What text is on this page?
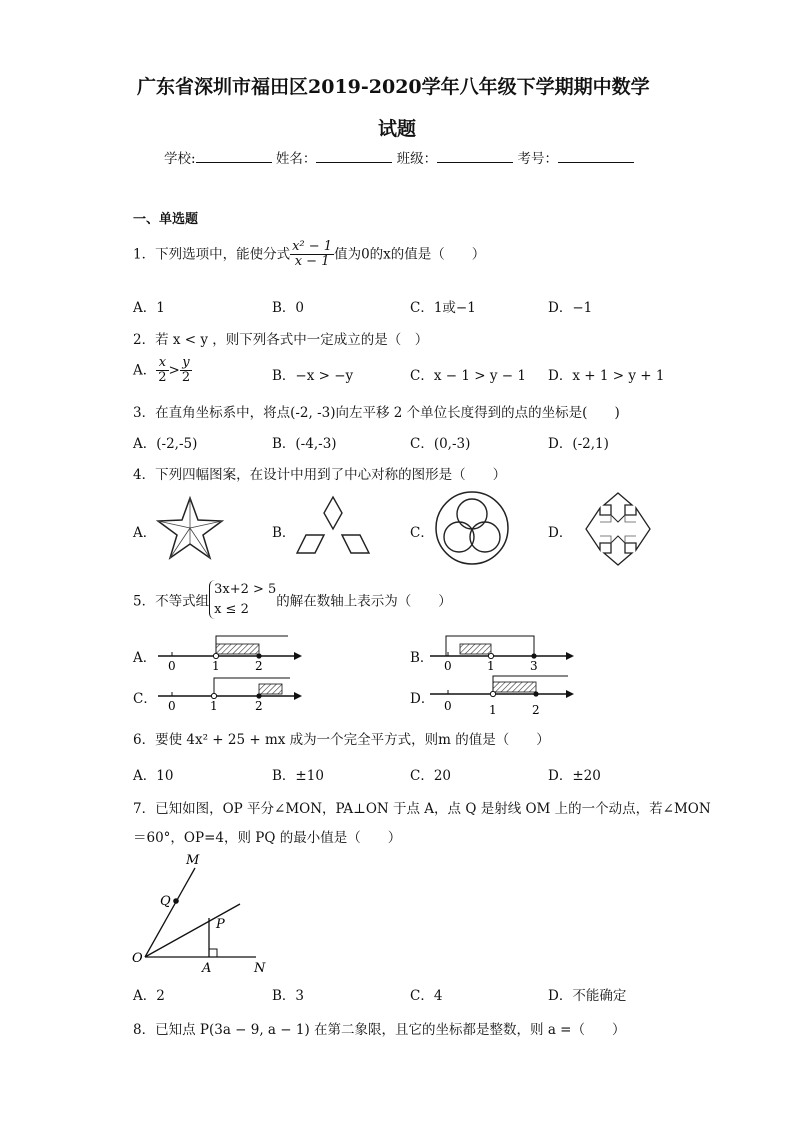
广东省深圳市福田区2019-2020学年八年级下学期期中数学
试题
学校:	姓名：	班级：	考号：
一、单选题
1．下列选项中，能使分式 $\frac{\text{x² − 1}}{x - 1}$ 值为0的x的值是（　　）
A．1	B．0	C．1或−1	D．−1
2．若 x < y ，则下列各式中一定成立的是（　）
A． $\frac{x}{2} > \frac{y}{2}$	B．−x > −y	C．x − 1 > y − 1 D．x + 1 > y + 1
3．在直角坐标系中，将点(-2, -3)向左平移 2 个单位长度得到的点的坐标是(　　)
A．(-2,-5)	B．(-4,-3)	C．(0,-3)	D．(-2,1)
4．下列四幅图案，在设计中用到了中心对称的图形是（　　）
A．	B．	C．	D．
5．不等式组
3x+2 > 5
x ≤ 2	的解在数轴上表示为（　　）
A．	B．
C．	D．
0	1	2	0	1	3
0	1	2	0	1	2
6．要使 4x² + 25 + mx 成为一个完全平方式，则m 的值是（　　）
A．10	B．±10	C．20	D．±20
7．已知如图，OP 平分∠MON，PA⊥ON 于点 A，点 Q 是射线 OM 上的一个动点，若∠MON
＝60°，OP=4，则 PQ 的最小值是（　　）
M
Q
P
O
A	N
A．2	B．3	C．4	D．不能确定
8．已知点 P(3a − 9, a − 1) 在第二象限，且它的坐标都是整数，则 a =（　　）
